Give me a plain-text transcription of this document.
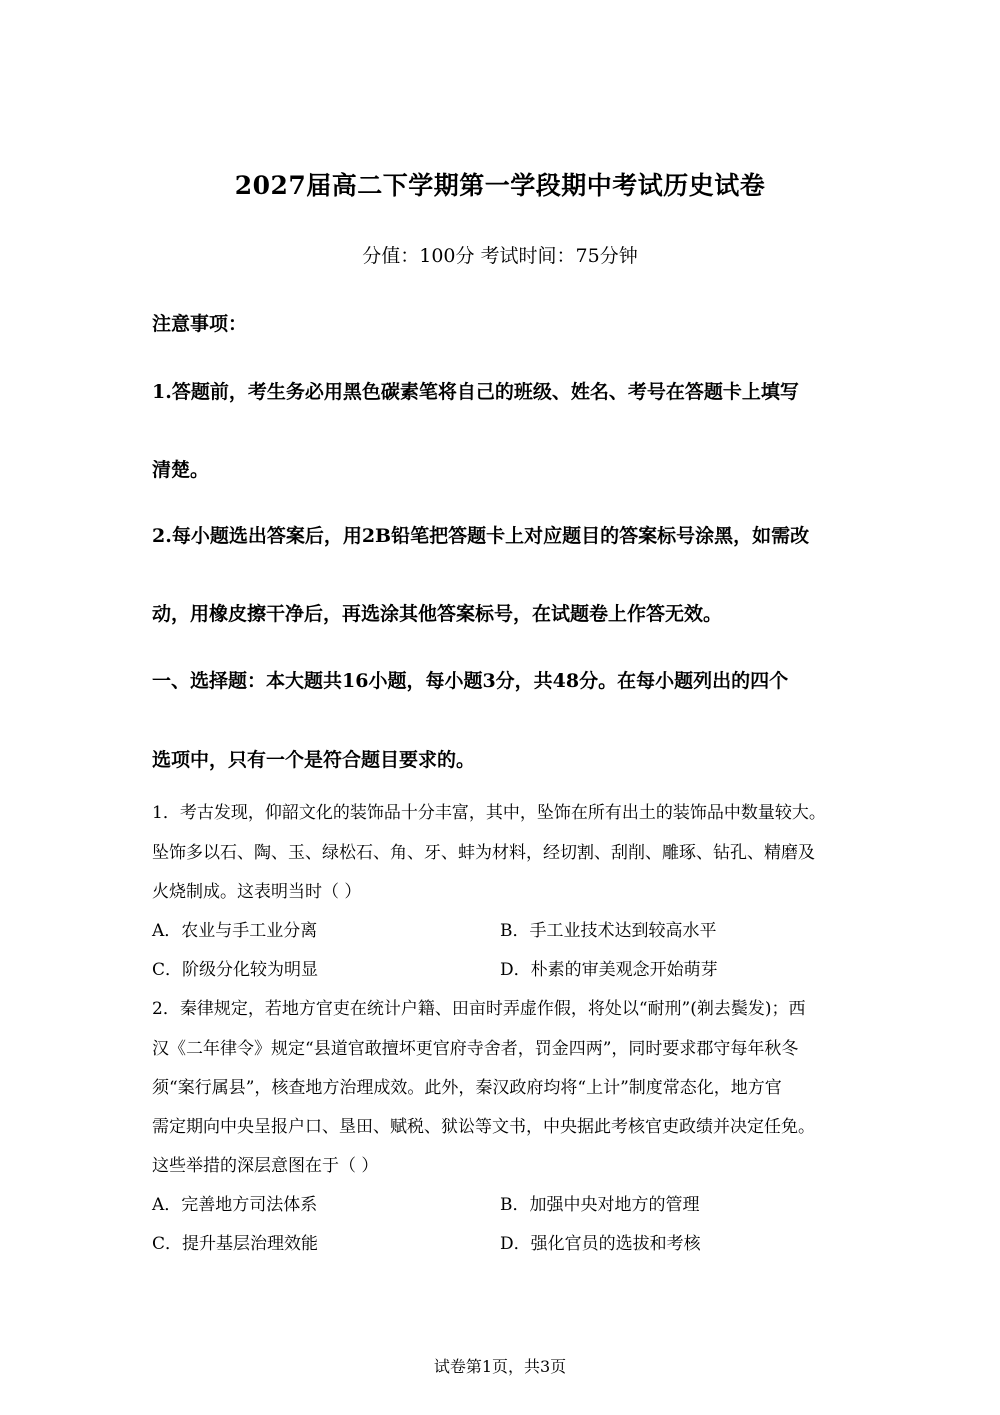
2027届高二下学期第一学段期中考试历史试卷
分值：100分 考试时间：75分钟
注意事项：
1.答题前，考生务必用黑色碳素笔将自己的班级、姓名、考号在答题卡上填写
清楚。
2.每小题选出答案后，用2B铅笔把答题卡上对应题目的答案标号涂黑，如需改
动，用橡皮擦干净后，再选涂其他答案标号，在试题卷上作答无效。
一、选择题：本大题共16小题，每小题3分，共48分。在每小题列出的四个
选项中，只有一个是符合题目要求的。
1．考古发现，仰韶文化的装饰品十分丰富，其中，坠饰在所有出土的装饰品中数量较大。
坠饰多以石、陶、玉、绿松石、角、牙、蚌为材料，经切割、刮削、雕琢、钻孔、精磨及
火烧制成。这表明当时（ ）
A．农业与手工业分离	B．手工业技术达到较高水平
C．阶级分化较为明显	D．朴素的审美观念开始萌芽
2．秦律规定，若地方官吏在统计户籍、田亩时弄虚作假，将处以“耐刑”(剃去鬓发)；西
汉《二年律令》规定“县道官敢擅坏更官府寺舍者，罚金四两”，同时要求郡守每年秋冬
须“案行属县”，核查地方治理成效。此外，秦汉政府均将“上计”制度常态化，地方官
需定期向中央呈报户口、垦田、赋税、狱讼等文书，中央据此考核官吏政绩并决定任免。
这些举措的深层意图在于（ ）
A．完善地方司法体系	B．加强中央对地方的管理
C．提升基层治理效能	D．强化官员的选拔和考核
试卷第1页，共3页
